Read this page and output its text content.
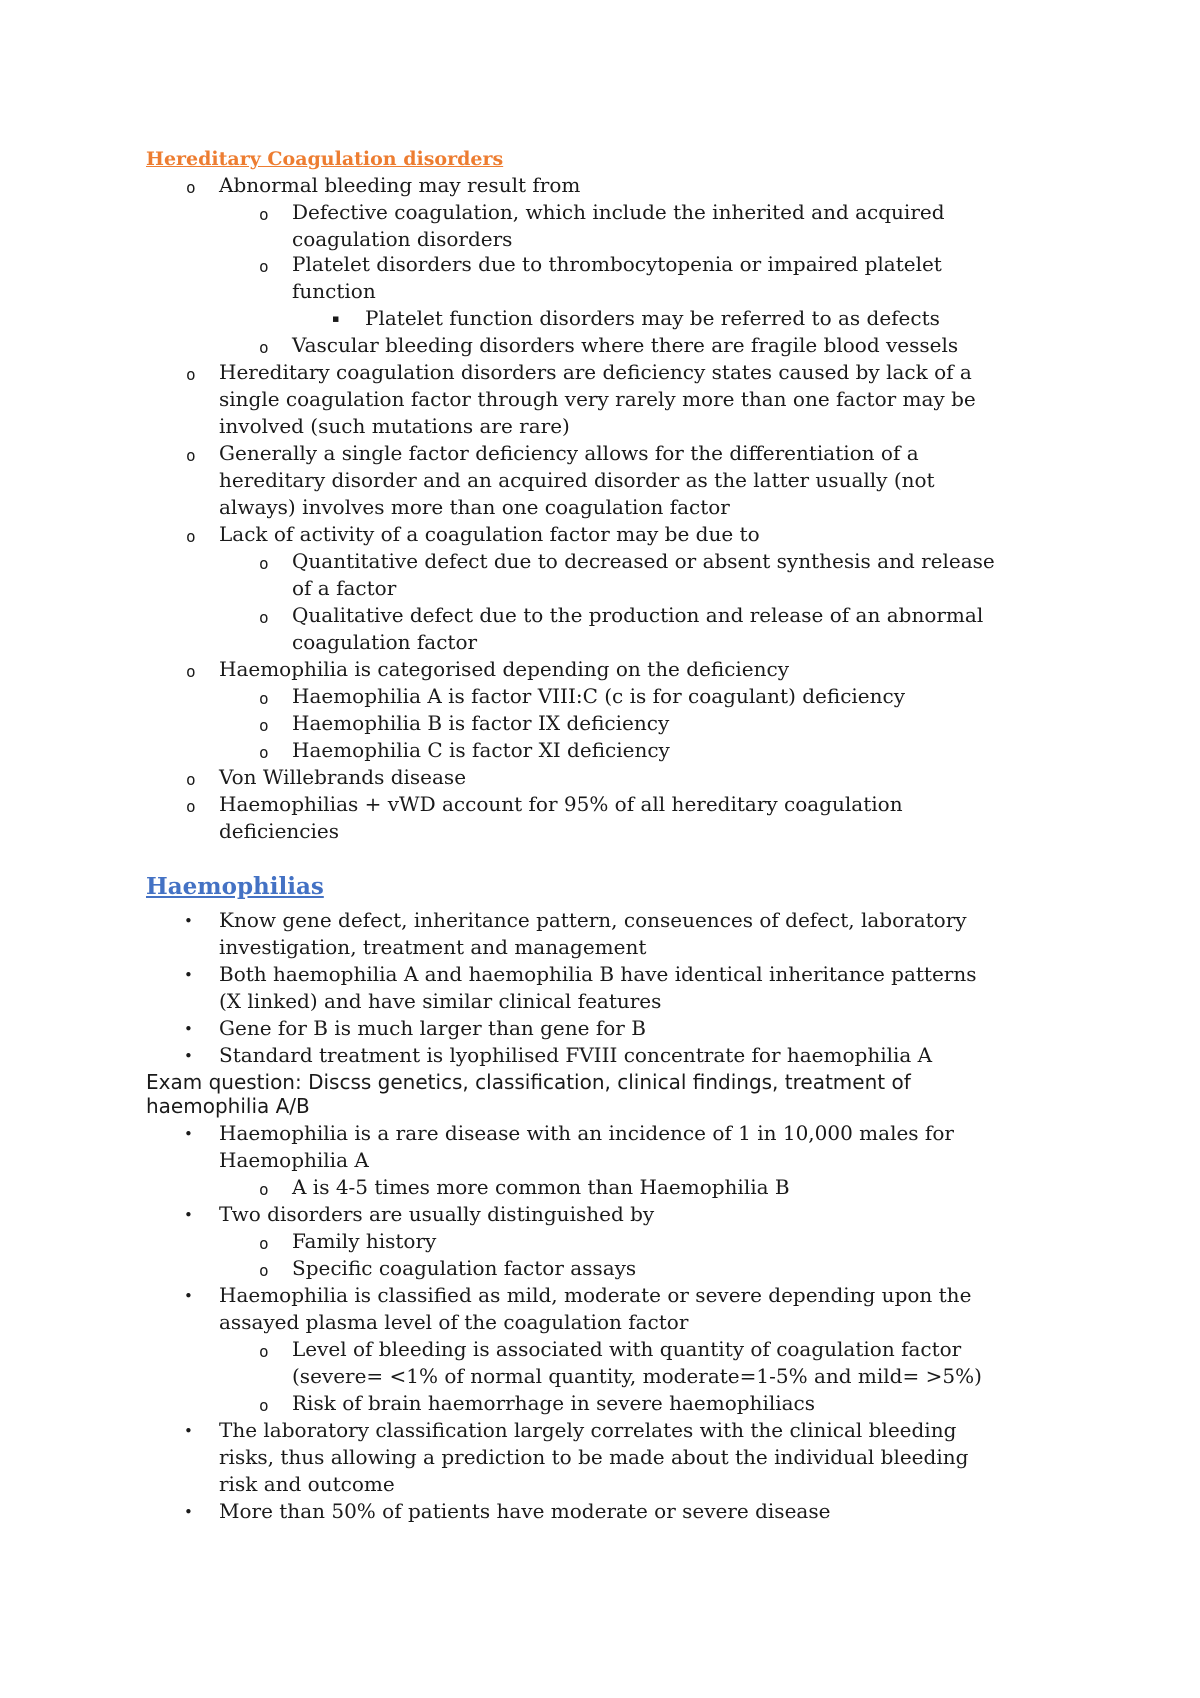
Hereditary Coagulation disorders
o Abnormal bleeding may result from
o Defective coagulation, which include the inherited and acquired
coagulation disorders
o Platelet disorders due to thrombocytopenia or impaired platelet
function
▪ Platelet function disorders may be referred to as defects
o Vascular bleeding disorders where there are fragile blood vessels
o Hereditary coagulation disorders are deficiency states caused by lack of a
single coagulation factor through very rarely more than one factor may be
involved (such mutations are rare)
o Generally a single factor deficiency allows for the differentiation of a
hereditary disorder and an acquired disorder as the latter usually (not
always) involves more than one coagulation factor
o Lack of activity of a coagulation factor may be due to
o Quantitative defect due to decreased or absent synthesis and release
of a factor
o Qualitative defect due to the production and release of an abnormal
coagulation factor
o Haemophilia is categorised depending on the deficiency
o Haemophilia A is factor VIII:C (c is for coagulant) deficiency
o Haemophilia B is factor IX deficiency
o Haemophilia C is factor XI deficiency
o Von Willebrands disease
o Haemophilias + vWD account for 95% of all hereditary coagulation
deficiencies
Haemophilias
• Know gene defect, inheritance pattern, conseuences of defect, laboratory
investigation, treatment and management
• Both haemophilia A and haemophilia B have identical inheritance patterns
(X linked) and have similar clinical features
• Gene for B is much larger than gene for B
• Standard treatment is lyophilised FVIII concentrate for haemophilia A
Exam question: Discss genetics, classification, clinical findings, treatment of
haemophilia A/B
• Haemophilia is a rare disease with an incidence of 1 in 10,000 males for
Haemophilia A
o A is 4-5 times more common than Haemophilia B
• Two disorders are usually distinguished by
o Family history
o Specific coagulation factor assays
• Haemophilia is classified as mild, moderate or severe depending upon the
assayed plasma level of the coagulation factor
o Level of bleeding is associated with quantity of coagulation factor
(severe= <1% of normal quantity, moderate=1-5% and mild= >5%)
o Risk of brain haemorrhage in severe haemophiliacs
• The laboratory classification largely correlates with the clinical bleeding
risks, thus allowing a prediction to be made about the individual bleeding
risk and outcome
• More than 50% of patients have moderate or severe disease
